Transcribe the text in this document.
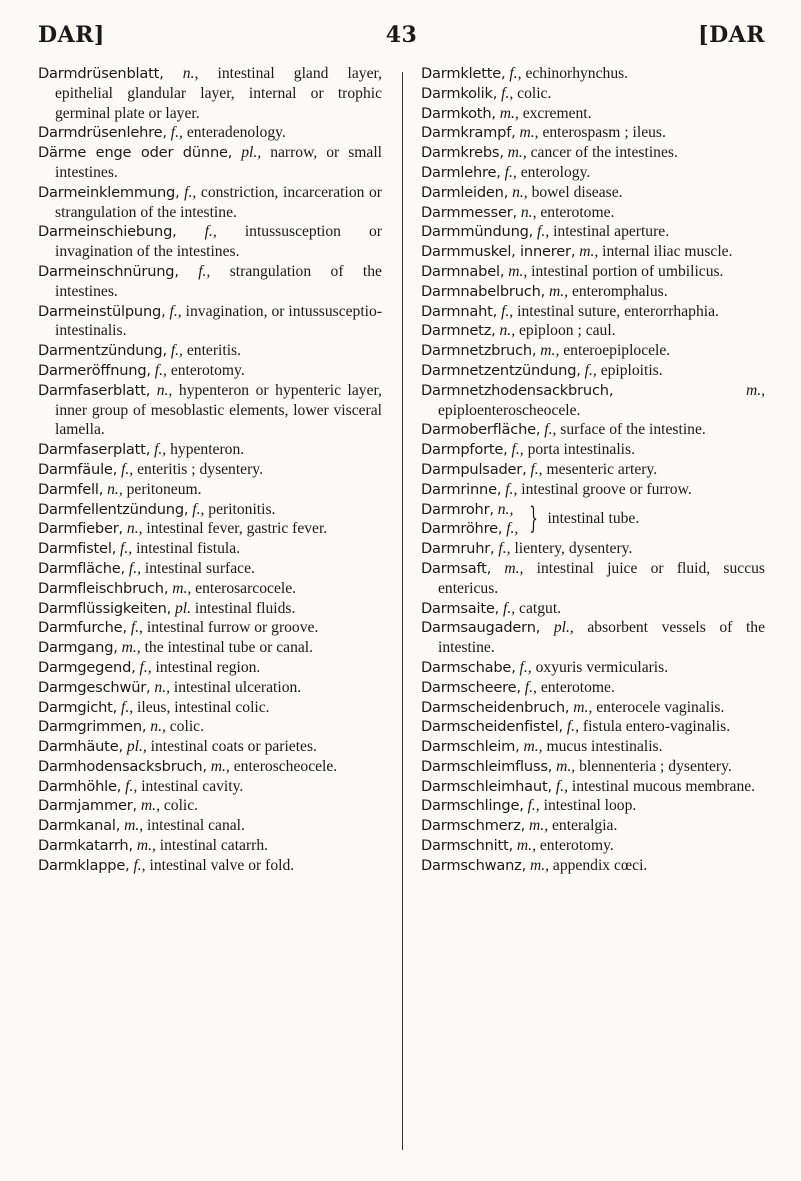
DAR]	43	[DAR
Darmdrüsenblatt, n., intestinal gland layer, epithelial glandular layer, internal or trophic germinal plate or layer.
Darmdrüsenlehre, f., enteradenology.
Därme enge oder dünne, pl., narrow, or small intestines.
Darmeinklemmung, f., constriction, incarceration or strangulation of the intestine.
Darmeinschiebung, f., intussusception or invagination of the intestines.
Darmeinschnürung, f., strangulation of the intestines.
Darmeinstülpung, f., invagination, or intussusceptio-intestinalis.
Darmentzündung, f., enteritis.
Darmeröffnung, f., enterotomy.
Darmfaserblatt, n., hypenteron or hypenteric layer, inner group of mesoblastic elements, lower visceral lamella.
Darmfaserplatt, f., hypenteron.
Darmfäule, f., enteritis ; dysentery.
Darmfell, n., peritoneum.
Darmfellentzündung, f., peritonitis.
Darmfieber, n., intestinal fever, gastric fever.
Darmfistel, f., intestinal fistula.
Darmfläche, f., intestinal surface.
Darmfleischbruch, m., enterosarcocele.
Darmflüssigkeiten, pl. intestinal fluids.
Darmfurche, f., intestinal furrow or groove.
Darmgang, m., the intestinal tube or canal.
Darmgegend, f., intestinal region.
Darmgeschwür, n., intestinal ulceration.
Darmgicht, f., ileus, intestinal colic.
Darmgrimmen, n., colic.
Darmhäute, pl., intestinal coats or parietes.
Darmhodensacksbruch, m., enteroscheocele.
Darmhöhle, f., intestinal cavity.
Darmjammer, m., colic.
Darmkanal, m., intestinal canal.
Darmkatarrh, m., intestinal catarrh.
Darmklappe, f., intestinal valve or fold.
Darmklette, f., echinorhynchus.
Darmkolik, f., colic.
Darmkoth, m., excrement.
Darmkrampf, m., enterospasm ; ileus.
Darmkrebs, m., cancer of the intestines.
Darmlehre, f., enterology.
Darmleiden, n., bowel disease.
Darmmesser, n., enterotome.
Darmmündung, f., intestinal aperture.
Darmmuskel, innerer, m., internal iliac muscle.
Darmnabel, m., intestinal portion of umbilicus.
Darmnabelbruch, m., enteromphalus.
Darmnaht, f., intestinal suture, enterorrhaphia.
Darmnetz, n., epiploon ; caul.
Darmnetzbruch, m., enteroepiplocele.
Darmnetzentzündung, f., epiploitis.
Darmnetzhodensackbruch,	m., epiploenteroscheocele.
Darmoberfläche, f., surface of the intestine.
Darmpforte, f., porta intestinalis.
Darmpulsader, f., mesenteric artery.
Darmrinne, f., intestinal groove or furrow.
Darmrohr, n.,
Darmröhre, f., } intestinal tube.
Darmruhr, f., lientery, dysentery.
Darmsaft, m., intestinal juice or fluid, succus entericus.
Darmsaite, f., catgut.
Darmsaugadern, pl., absorbent vessels of the intestine.
Darmschabe, f., oxyuris vermicularis.
Darmscheere, f., enterotome.
Darmscheidenbruch, m., enterocele vaginalis.
Darmscheidenfistel, f., fistula entero-vaginalis.
Darmschleim, m., mucus intestinalis.
Darmschleimfluss, m., blennenteria ; dysentery.
Darmschleimhaut, f., intestinal mucous membrane.
Darmschlinge, f., intestinal loop.
Darmschmerz, m., enteralgia.
Darmschnitt, m., enterotomy.
Darmschwanz, m., appendix cœci.
